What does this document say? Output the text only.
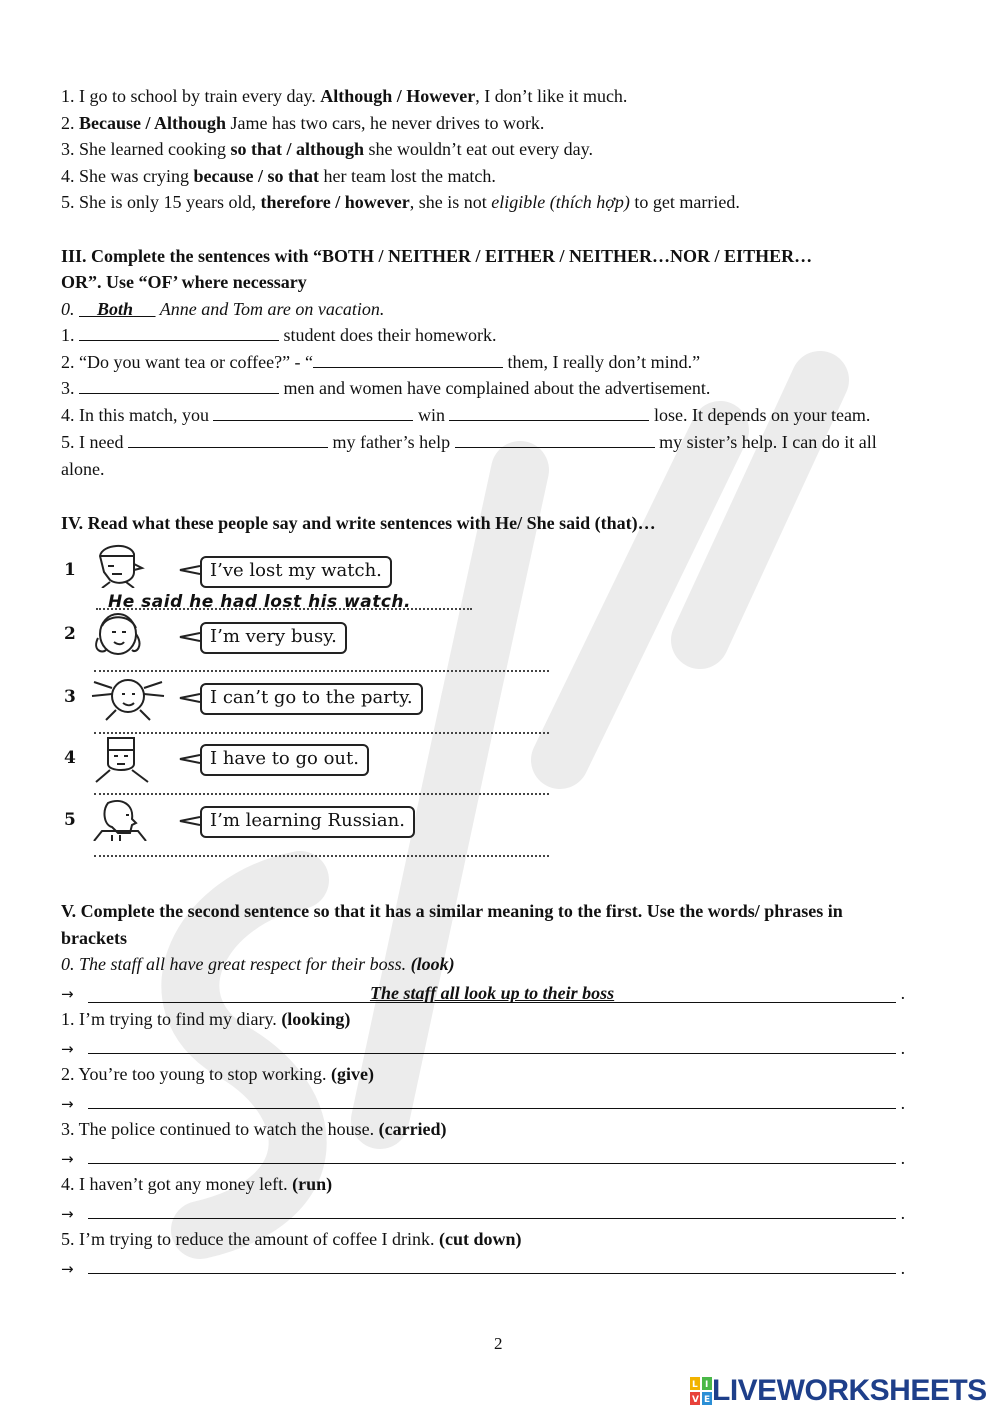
1. I go to school by train every day. Although / However, I don’t like it much.
2. Because / Although Jame has two cars, he never drives to work.
3. She learned cooking so that / although she wouldn’t eat out every day.
4. She was crying because / so that her team lost the match.
5. She is only 15 years old, therefore / however, she is not eligible (thích hợp) to get married.
III. Complete the sentences with “BOTH / NEITHER / EITHER / NEITHER…NOR / EITHER…
OR”. Use “OF’ where necessary
0. Both      Anne and Tom are on vacation.
1.	student does their homework.
2. “Do you want tea or coffee?” - “	them, I really don’t mind.”
3.	men and women have complained about the advertisement.
4. In this match, you	win	lose. It depends on your team.
5. I need	my father’s help	my sister’s help. I can do it all
alone.
IV. Read what these people say and write sentences with He/ She said (that)…
1	I’ve lost my watch.
He said he had lost his watch.
2	I’m very busy.
3	I can’t go to the party.
4	I have to go out.
5	I’m learning Russian.
V. Complete the second sentence so that it has a similar meaning to the first. Use the words/ phrases in
brackets
0. The staff all have great respect for their boss. (look)
→	The staff all look up to their boss	.
1. I’m trying to find my diary. (looking)
→	.
2. You’re too young to stop working. (give)
→	.
3. The police continued to watch the house. (carried)
→	.
4. I haven’t got any money left. (run)
→	.
5. I’m trying to reduce the amount of coffee I drink. (cut down)
→	.
2
L I
V E LIVEWORKSHEETS
